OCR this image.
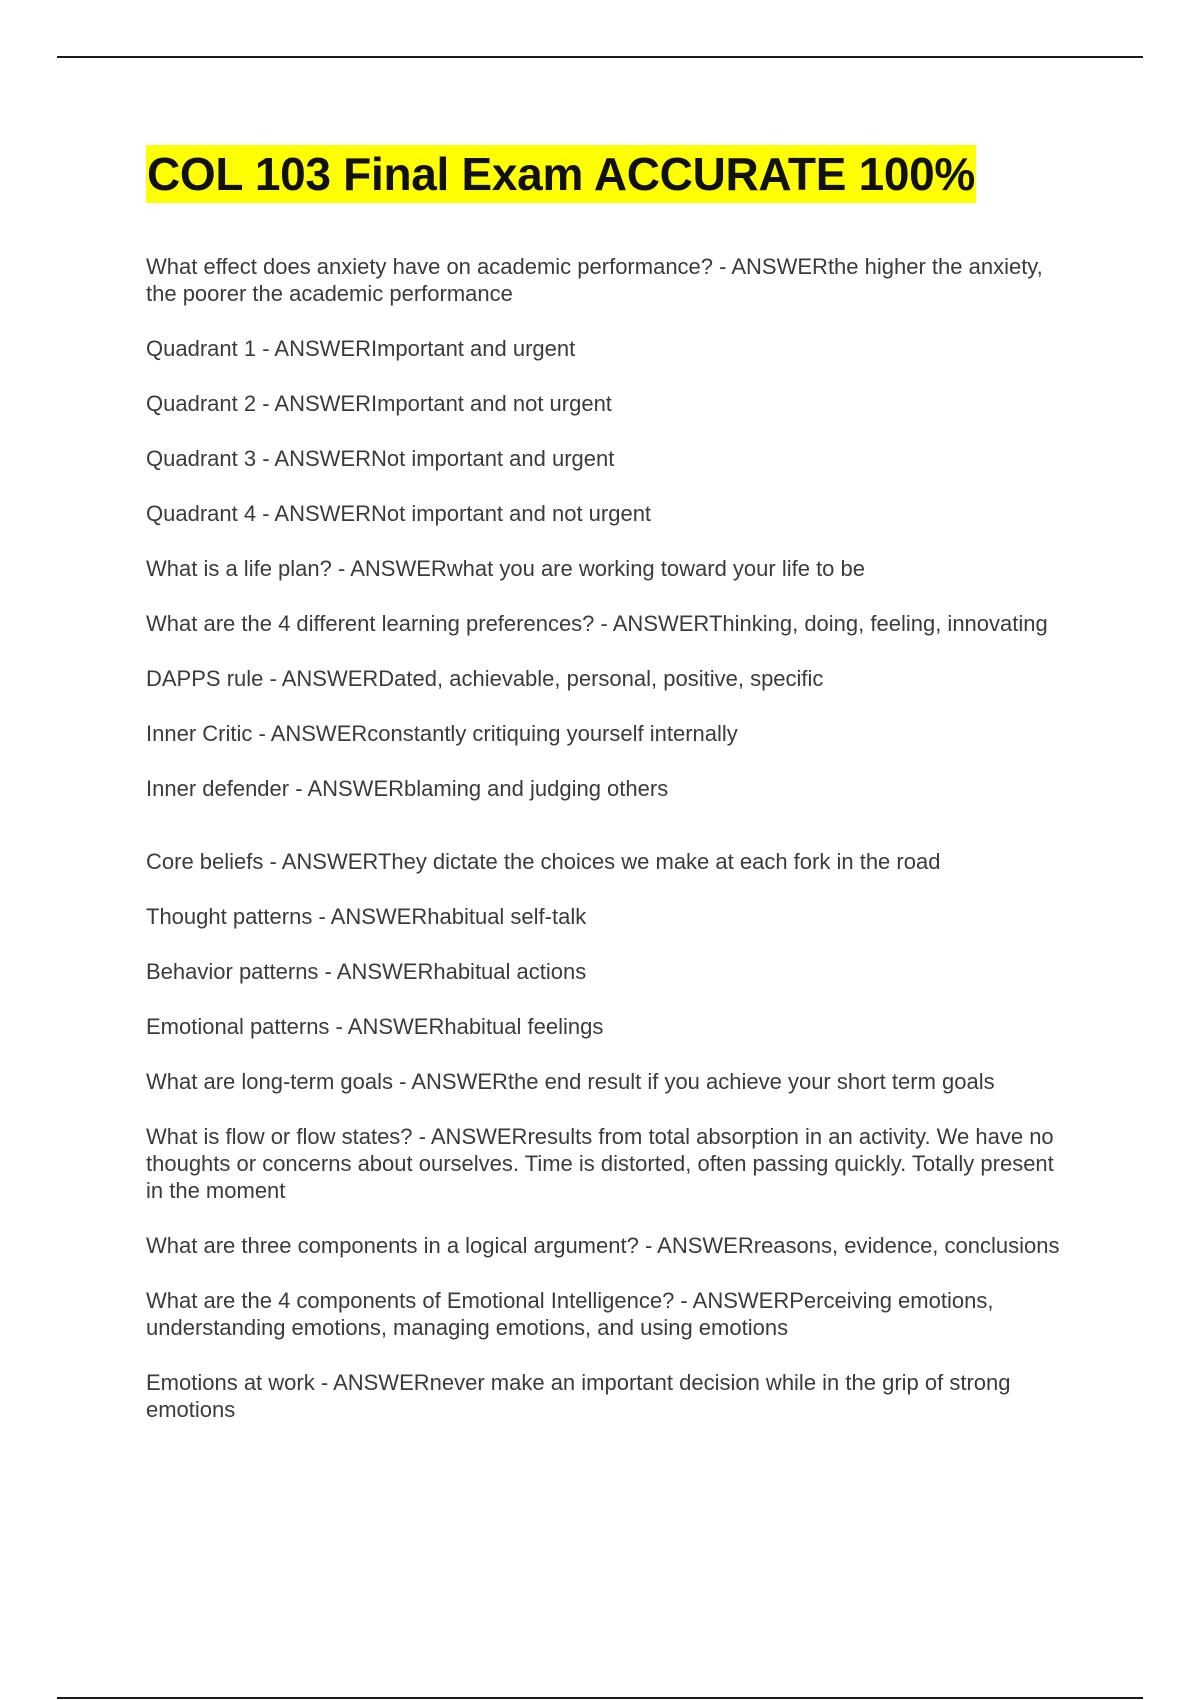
COL 103 Final Exam ACCURATE 100%

What effect does anxiety have on academic performance? - ANSWERthe higher the anxiety, the poorer the academic performance

Quadrant 1 - ANSWERImportant and urgent

Quadrant 2 - ANSWERImportant and not urgent

Quadrant 3 - ANSWERNot important and urgent

Quadrant 4 - ANSWERNot important and not urgent

What is a life plan? - ANSWERwhat you are working toward your life to be

What are the 4 different learning preferences? - ANSWERThinking, doing, feeling, innovating

DAPPS rule - ANSWERDated, achievable, personal, positive, specific

Inner Critic - ANSWERconstantly critiquing yourself internally

Inner defender - ANSWERblaming and judging others

Core beliefs - ANSWERThey dictate the choices we make at each fork in the road

Thought patterns - ANSWERhabitual self-talk

Behavior patterns - ANSWERhabitual actions

Emotional patterns - ANSWERhabitual feelings

What are long-term goals - ANSWERthe end result if you achieve your short term goals

What is flow or flow states? - ANSWERresults from total absorption in an activity. We have no thoughts or concerns about ourselves. Time is distorted, often passing quickly. Totally present in the moment

What are three components in a logical argument? - ANSWERreasons, evidence, conclusions

What are the 4 components of Emotional Intelligence? - ANSWERPerceiving emotions, understanding emotions, managing emotions, and using emotions

Emotions at work - ANSWERnever make an important decision while in the grip of strong emotions
